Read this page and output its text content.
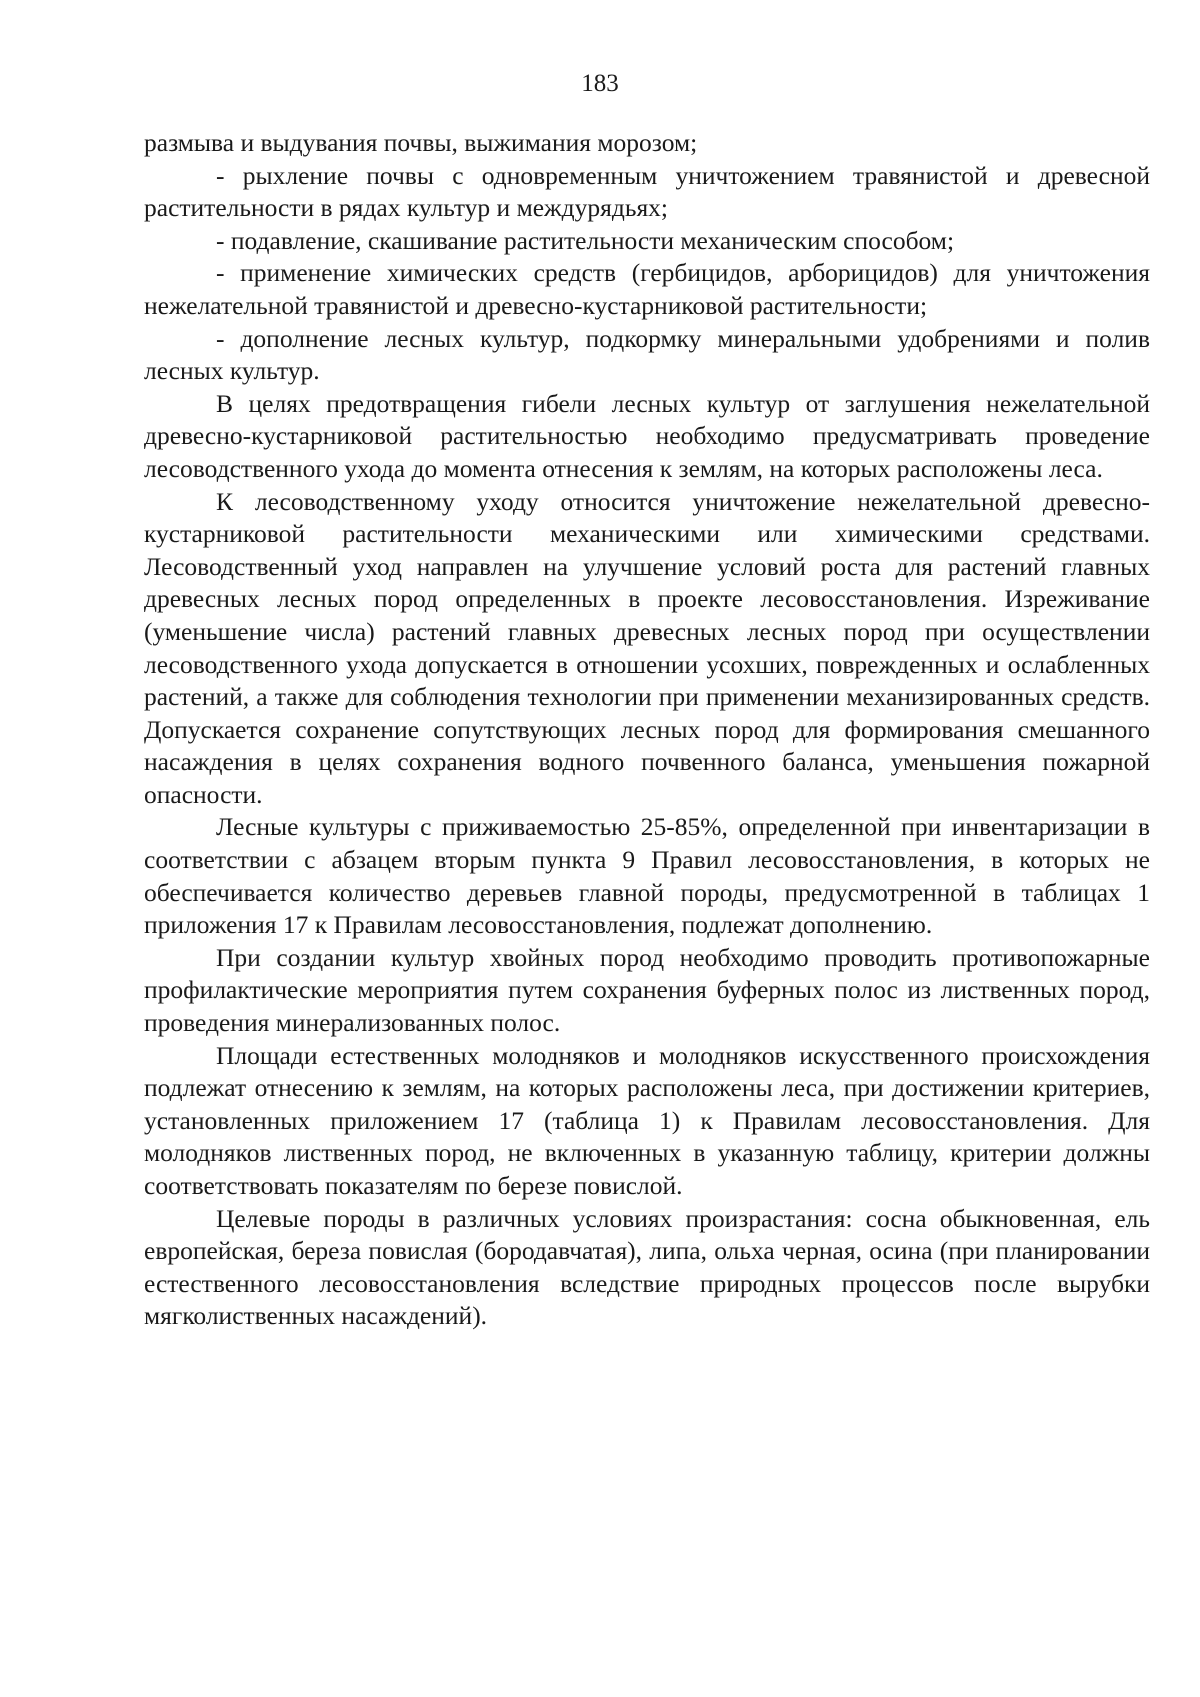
183

размыва и выдувания почвы, выжимания морозом;

- рыхление почвы с одновременным уничтожением травянистой и древесной растительности в рядах культур и междурядьях;

- подавление, скашивание растительности механическим способом;

- применение химических средств (гербицидов, арборицидов) для уничтожения нежелательной травянистой и древесно-кустарниковой растительности;

- дополнение лесных культур, подкормку минеральными удобрениями и полив лесных культур.

В целях предотвращения гибели лесных культур от заглушения нежелательной древесно-кустарниковой растительностью необходимо предусматривать проведение лесоводственного ухода до момента отнесения к землям, на которых расположены леса.

К лесоводственному уходу относится уничтожение нежелательной древесно-кустарниковой растительности механическими или химическими средствами. Лесоводственный уход направлен на улучшение условий роста для растений главных древесных лесных пород определенных в проекте лесовосстановления. Изреживание (уменьшение числа) растений главных древесных лесных пород при осуществлении лесоводственного ухода допускается в отношении усохших, поврежденных и ослабленных растений, а также для соблюдения технологии при применении механизированных средств. Допускается сохранение сопутствующих лесных пород для формирования смешанного насаждения в целях сохранения водного почвенного баланса, уменьшения пожарной опасности.

Лесные культуры с приживаемостью 25-85%, определенной при инвентаризации в соответствии с абзацем вторым пункта 9 Правил лесовосстановления, в которых не обеспечивается количество деревьев главной породы, предусмотренной в таблицах 1 приложения 17 к Правилам лесовосстановления, подлежат дополнению.

При создании культур хвойных пород необходимо проводить противопожарные профилактические мероприятия путем сохранения буферных полос из лиственных пород, проведения минерализованных полос.

Площади естественных молодняков и молодняков искусственного происхождения подлежат отнесению к землям, на которых расположены леса, при достижении критериев, установленных приложением 17 (таблица 1) к Правилам лесовосстановления. Для молодняков лиственных пород, не включенных в указанную таблицу, критерии должны соответствовать показателям по березе повислой.

Целевые породы в различных условиях произрастания: сосна обыкновенная, ель европейская, береза повислая (бородавчатая), липа, ольха черная, осина (при планировании естественного лесовосстановления вследствие природных процессов после вырубки мягколиственных насаждений).
